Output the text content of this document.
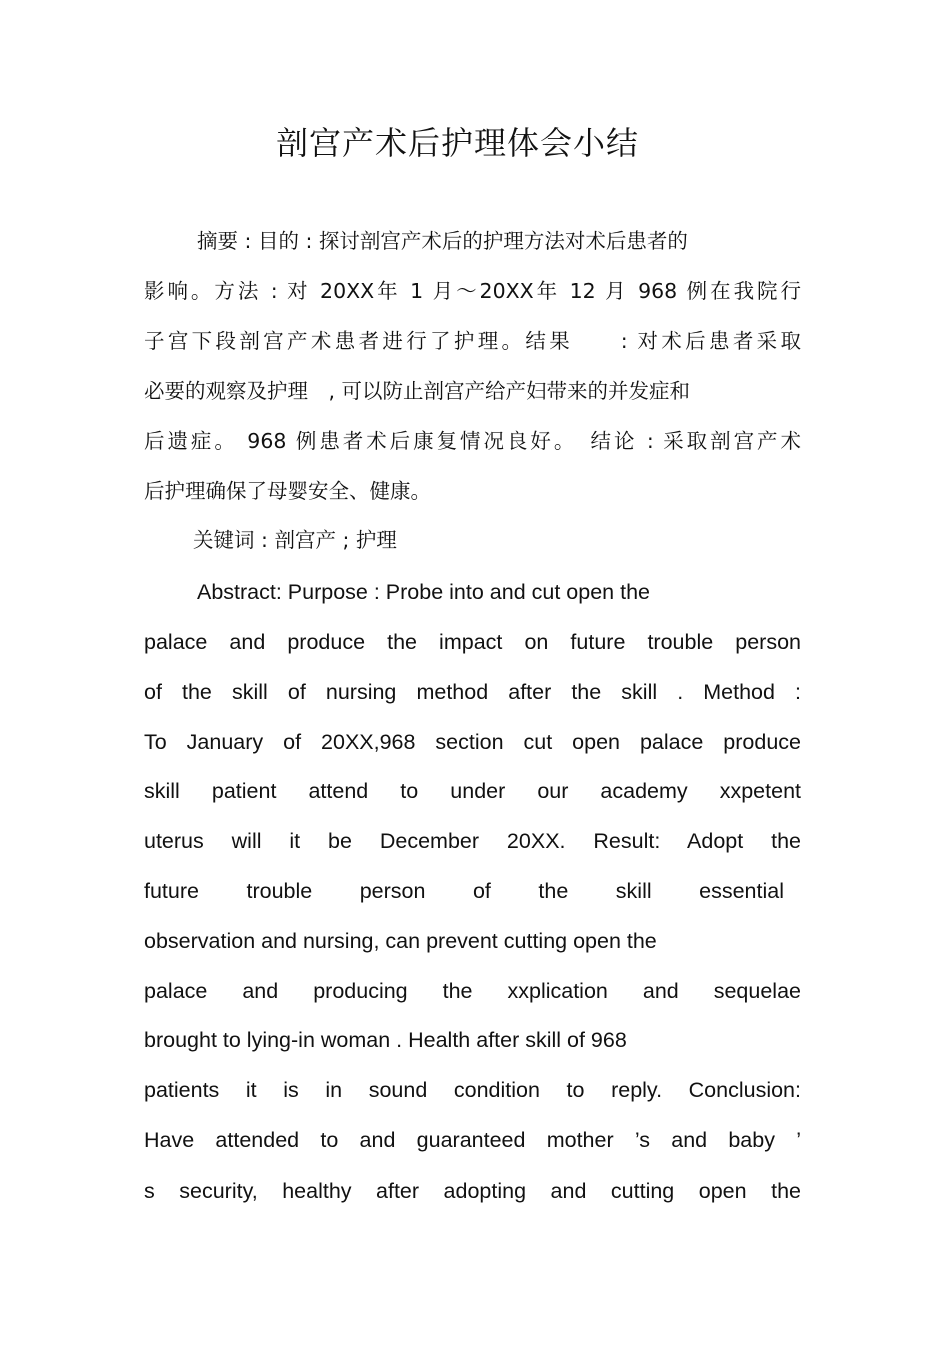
剖宫产术后护理体会小结

摘要 : 目的 : 探讨剖宫产术后的护理方法对术后患者的

影响。方法 : 对 20XX年 1 月～20XX年 12 月 968 例在我院行

子宫下段剖宫产术患者进行了护理。结果　　: 对术后患者采取

必要的观察及护理　, 可以防止剖宫产给产妇带来的并发症和

后遗症。 968 例患者术后康复情况良好。　结论 : 采取剖宫产术

后护理确保了母婴安全、健康。

关键词 : 剖宫产 ; 护理

Abstract: Purpose : Probe into and cut open the

palace and produce the impact on future trouble person

of the skill of nursing method after the skill . Method :

To January of 20XX,968 section cut open palace produce

skill patient attend to under our academy xxpetent

uterus will it be December 20XX. Result: Adopt the

future trouble person of the skill essential

observation and nursing, can prevent cutting open the

palace and producing the xxplication and sequelae

brought to lying-in woman . Health after skill of 968

patients it is in sound condition to reply. Conclusion:

Have attended to and guaranteed mother ’s and baby ’

s security, healthy after adopting and cutting open the
